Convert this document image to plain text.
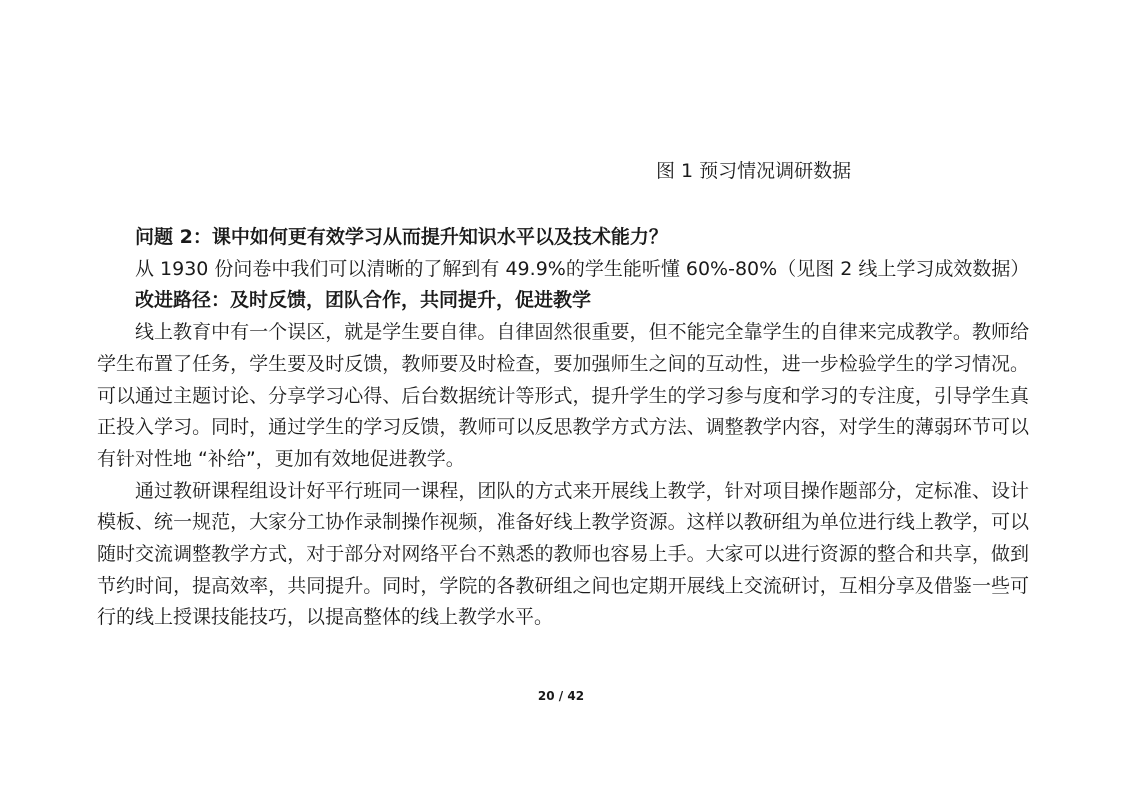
图 1 预习情况调研数据

问题 2：课中如何更有效学习从而提升知识水平以及技术能力？

从 1930 份问卷中我们可以清晰的了解到有 49.9%的学生能听懂 60%-80%（见图 2 线上学习成效数据）

改进路径：及时反馈，团队合作，共同提升，促进教学

线上教育中有一个误区，就是学生要自律。自律固然很重要，但不能完全靠学生的自律来完成教学。教师给学生布置了任务，学生要及时反馈，教师要及时检查，要加强师生之间的互动性，进一步检验学生的学习情况。可以通过主题讨论、分享学习心得、后台数据统计等形式，提升学生的学习参与度和学习的专注度，引导学生真正投入学习。同时，通过学生的学习反馈，教师可以反思教学方式方法、调整教学内容，对学生的薄弱环节可以有针对性地 “补给”，更加有效地促进教学。

通过教研课程组设计好平行班同一课程，团队的方式来开展线上教学，针对项目操作题部分，定标准、设计模板、统一规范，大家分工协作录制操作视频，准备好线上教学资源。这样以教研组为单位进行线上教学，可以随时交流调整教学方式，对于部分对网络平台不熟悉的教师也容易上手。大家可以进行资源的整合和共享，做到节约时间，提高效率，共同提升。同时，学院的各教研组之间也定期开展线上交流研讨，互相分享及借鉴一些可行的线上授课技能技巧，以提高整体的线上教学水平。

20 / 42
